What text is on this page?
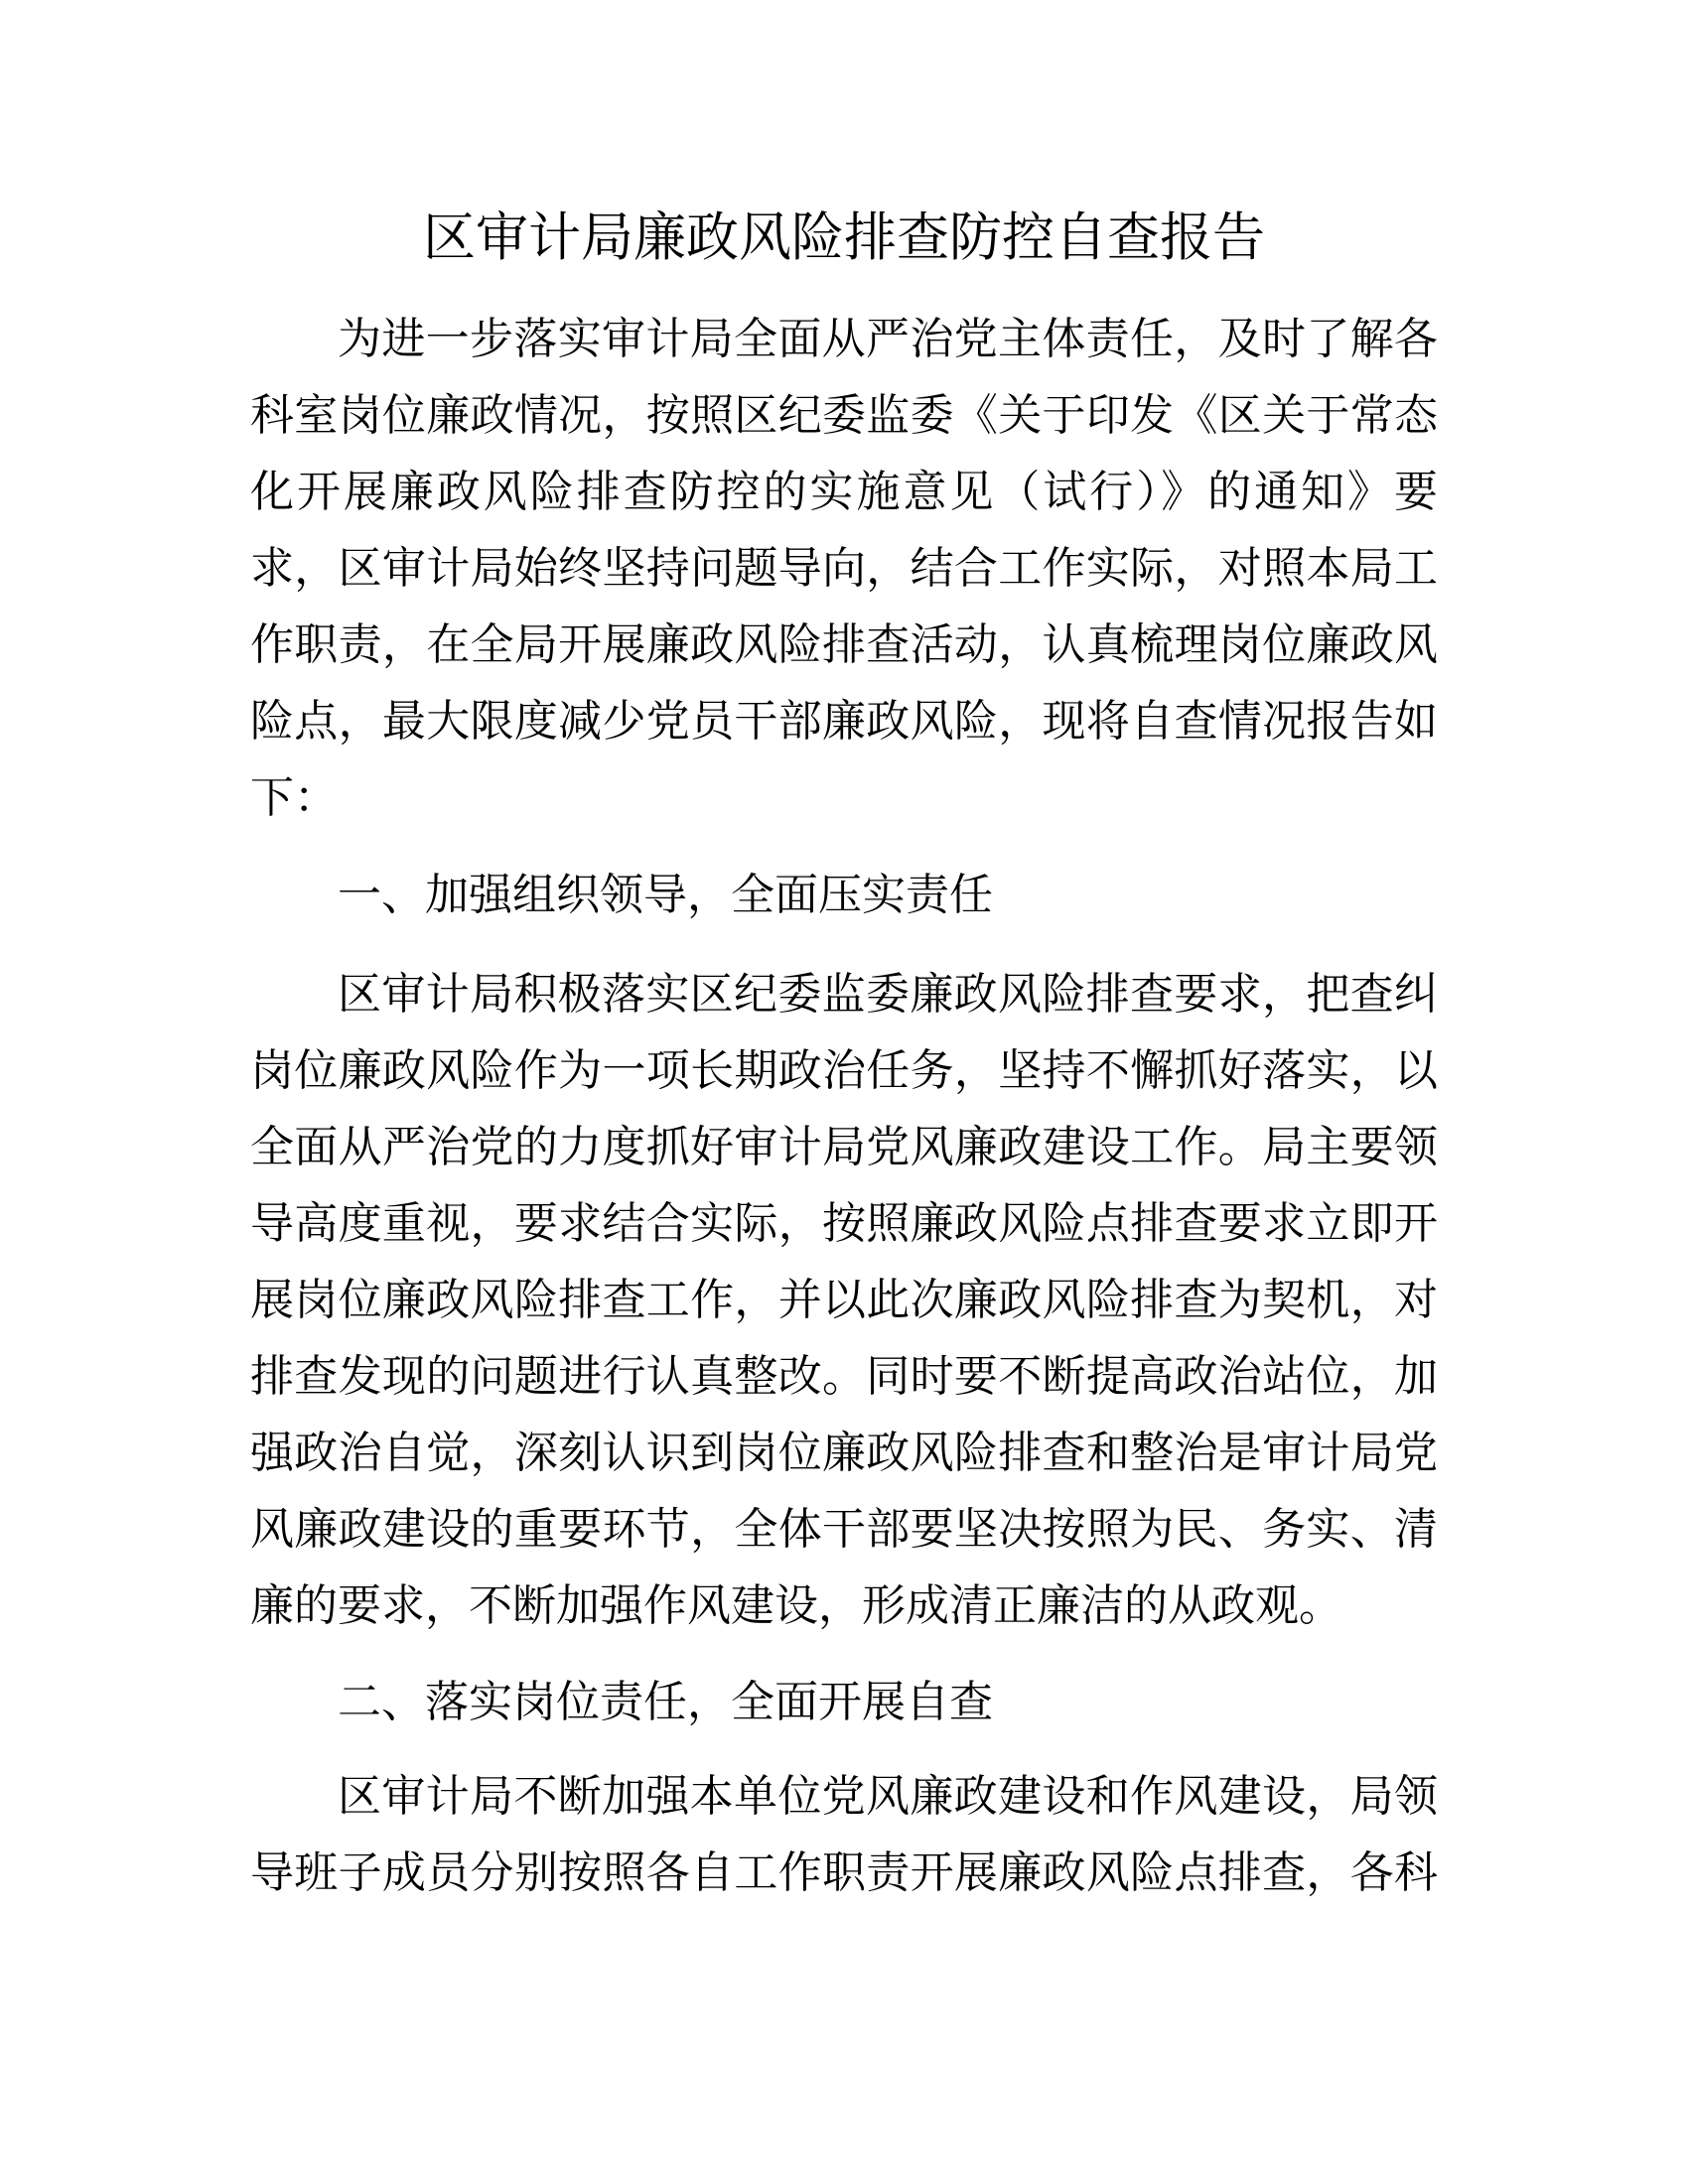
区审计局廉政风险排查防控自查报告
为进一步落实审计局全面从严治党主体责任，及时了解各
科室岗位廉政情况，按照区纪委监委《关于印发《区关于常态
化开展廉政风险排查防控的实施意见（试行）》的通知》要
求，区审计局始终坚持问题导向，结合工作实际，对照本局工
作职责，在全局开展廉政风险排查活动，认真梳理岗位廉政风
险点，最大限度减少党员干部廉政风险，现将自查情况报告如
下：
一、加强组织领导，全面压实责任
区审计局积极落实区纪委监委廉政风险排查要求，把查纠
岗位廉政风险作为一项长期政治任务，坚持不懈抓好落实，以
全面从严治党的力度抓好审计局党风廉政建设工作。局主要领
导高度重视，要求结合实际，按照廉政风险点排查要求立即开
展岗位廉政风险排查工作，并以此次廉政风险排查为契机，对
排查发现的问题进行认真整改。同时要不断提高政治站位，加
强政治自觉，深刻认识到岗位廉政风险排查和整治是审计局党
风廉政建设的重要环节，全体干部要坚决按照为民、务实、清
廉的要求，不断加强作风建设，形成清正廉洁的从政观。
二、落实岗位责任，全面开展自查
区审计局不断加强本单位党风廉政建设和作风建设，局领
导班子成员分别按照各自工作职责开展廉政风险点排查，各科
